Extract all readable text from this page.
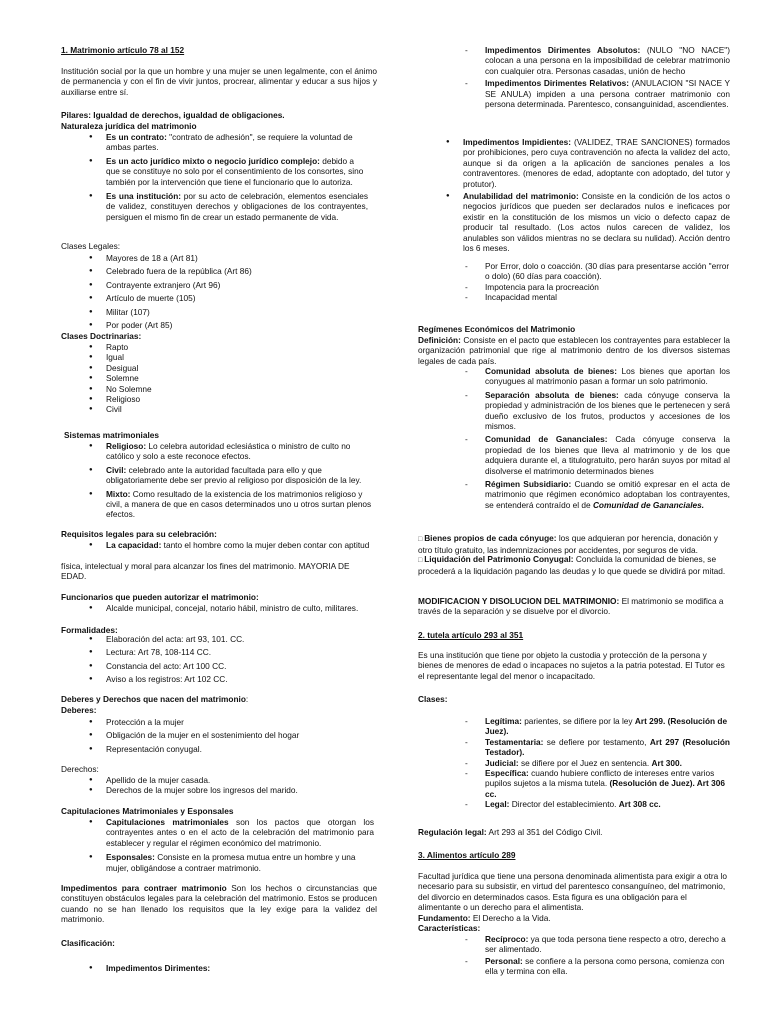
1. Matrimonio artículo 78 al 152

Institución social por la que un hombre y una mujer se unen legalmente, con el ánimo de permanencia y con el fin de vivir juntos, procrear, alimentar y educar a sus hijos y auxiliarse entre sí.

Pilares: Igualdad de derechos, igualdad de obligaciones.

Naturaleza jurídica del matrimonio

● Es un contrato: "contrato de adhesión", se requiere la voluntad de ambas partes.

● Es un acto jurídico mixto o negocio jurídico complejo: debido a que se constituye no solo por el consentimiento de los consortes, sino también por la intervención que tiene el funcionario que lo autoriza.

● Es una institución: por su acto de celebración, elementos esenciales de validez, constituyen derechos y obligaciones de los contrayentes, persiguen el mismo fin de crear un estado permanente de vida.

Clases Legales:

● Mayores de 18 a (Art 81)

● Celebrado fuera de la república (Art 86)

● Contrayente extranjero (Art 96)

● Artículo de muerte (105)

● Militar (107)

● Por poder (Art 85)

Clases Doctrinarias:

● Rapto

● Igual

● Desigual

● Solemne

● No Solemne

● Religioso

● Civil

Sistemas matrimoniales

● Religioso: Lo celebra autoridad eclesiástica o ministro de culto no católico y solo a este reconoce efectos.

● Civil: celebrado ante la autoridad facultada para ello y que obligatoriamente debe ser previo al religioso por disposición de la ley.

● Mixto: Como resultado de la existencia de los matrimonios religioso y civil, a manera de que en casos determinados uno u otros surtan plenos efectos.

Requisitos legales para su celebración:

● La capacidad: tanto el hombre como la mujer deben contar con aptitud

física, intelectual y moral para alcanzar los fines del matrimonio. MAYORIA DE EDAD.

Funcionarios que pueden autorizar el matrimonio:

● Alcalde municipal, concejal, notario hábil, ministro de culto, militares.

Formalidades:

● Elaboración del acta: art 93, 101. CC.

● Lectura: Art 78, 108-114 CC.

● Constancia del acto: Art 100 CC.

● Aviso a los registros: Art 102 CC.

Deberes y Derechos que nacen del matrimonio:

Deberes:

● Protección a la mujer

● Obligación de la mujer en el sostenimiento del hogar

● Representación conyugal.

Derechos:

● Apellido de la mujer casada.

● Derechos de la mujer sobre los ingresos del marido.

Capitulaciones Matrimoniales y Esponsales

● Capitulaciones matrimoniales son los pactos que otorgan los contrayentes antes o en el acto de la celebración del matrimonio para establecer y regular el régimen económico del matrimonio.

● Esponsales: Consiste en la promesa mutua entre un hombre y una mujer, obligándose a contraer matrimonio.

Impedimentos para contraer matrimonio Son los hechos o circunstancias que constituyen obstáculos legales para la celebración del matrimonio. Estos se producen cuando no se han llenado los requisitos que la ley exige para la validez del matrimonio.

Clasificación:

● Impedimentos Dirimentes:

- Impedimentos Dirimentes Absolutos: (NULO "NO NACE") colocan a una persona en la imposibilidad de celebrar matrimonio con cualquier otra. Personas casadas, unión de hecho

- Impedimentos Dirimentes Relativos: (ANULACION "SI NACE Y SE ANULA) impiden a una persona contraer matrimonio con persona determinada. Parentesco, consanguinidad, ascendientes.

● Impedimentos Impidientes: (VALIDEZ, TRAE SANCIONES) formados por prohibiciones, pero cuya contravención no afecta la validez del acto, aunque si da origen a la aplicación de sanciones penales a los contraventores. (menores de edad, adoptante con adoptado, del tutor y protutor).

● Anulabilidad del matrimonio: Consiste en la condición de los actos o negocios jurídicos que pueden ser declarados nulos e ineficaces por existir en la constitución de los mismos un vicio o defecto capaz de producir tal resultado. (Los actos nulos carecen de validez, los anulables son válidos mientras no se declara su nulidad). Acción dentro los 6 meses.

- Por Error, dolo o coacción. (30 días para presentarse acción "error o dolo) (60 días para coacción).

- Impotencia para la procreación

- Incapacidad mental

Regímenes Económicos del Matrimonio

Definición: Consiste en el pacto que establecen los contrayentes para establecer la organización patrimonial que rige al matrimonio dentro de los diversos sistemas legales de cada país.

- Comunidad absoluta de bienes: Los bienes que aportan los conyugues al matrimonio pasan a formar un solo patrimonio.

- Separación absoluta de bienes: cada cónyuge conserva la propiedad y administración de los bienes que le pertenecen y será dueño exclusivo de los frutos, productos y accesiones de los mismos.

- Comunidad de Gananciales: Cada cónyuge conserva la propiedad de los bienes que lleva al matrimonio y de los que adquiera durante el, a titulogratuito, pero harán suyos por mitad al disolverse el matrimonio determinados bienes

- Régimen Subsidiario: Cuando se omitió expresar en el acta de matrimonio que régimen económico adoptaban los contrayentes, se entenderá contraído el de Comunidad de Gananciales.

□ Bienes propios de cada cónyuge: los que adquieran por herencia, donación y otro título gratuito, las indemnizaciones por accidentes, por seguros de vida.

□ Liquidación del Patrimonio Conyugal: Concluida la comunidad de bienes, se procederá a la liquidación pagando las deudas y lo que quede se dividirá por mitad.

MODIFICACION Y DISOLUCION DEL MATRIMONIO: El matrimonio se modifica a través de la separación y se disuelve por el divorcio.

2. tutela artículo 293 al 351

Es una institución que tiene por objeto la custodia y protección de la persona y bienes de menores de edad o incapaces no sujetos a la patria potestad. El Tutor es el representante legal del menor o incapacitado.

Clases:

- Legítima: parientes, se difiere por la ley Art 299. (Resolución de Juez).

- Testamentaria: se defiere por testamento, Art 297 (Resolución Testador).

- Judicial: se difiere por el Juez en sentencia. Art 300.

- Específica: cuando hubiere conflicto de intereses entre varios pupilos sujetos a la misma tutela. (Resolución de Juez). Art 306 cc.

- Legal: Director del establecimiento. Art 308 cc.

Regulación legal: Art 293 al 351 del Código Civil.

3. Alimentos artículo 289

Facultad jurídica que tiene una persona denominada alimentista para exigir a otra lo necesario para su subsistir, en virtud del parentesco consanguíneo, del matrimonio, del divorcio en determinados casos. Esta figura es una obligación para el alimentante o un derecho para el alimentista.

Fundamento: El Derecho a la Vida.

Características:

- Recíproco: ya que toda persona tiene respecto a otro, derecho a ser alimentado.

- Personal: se confiere a la persona como persona, comienza con ella y termina con ella.
